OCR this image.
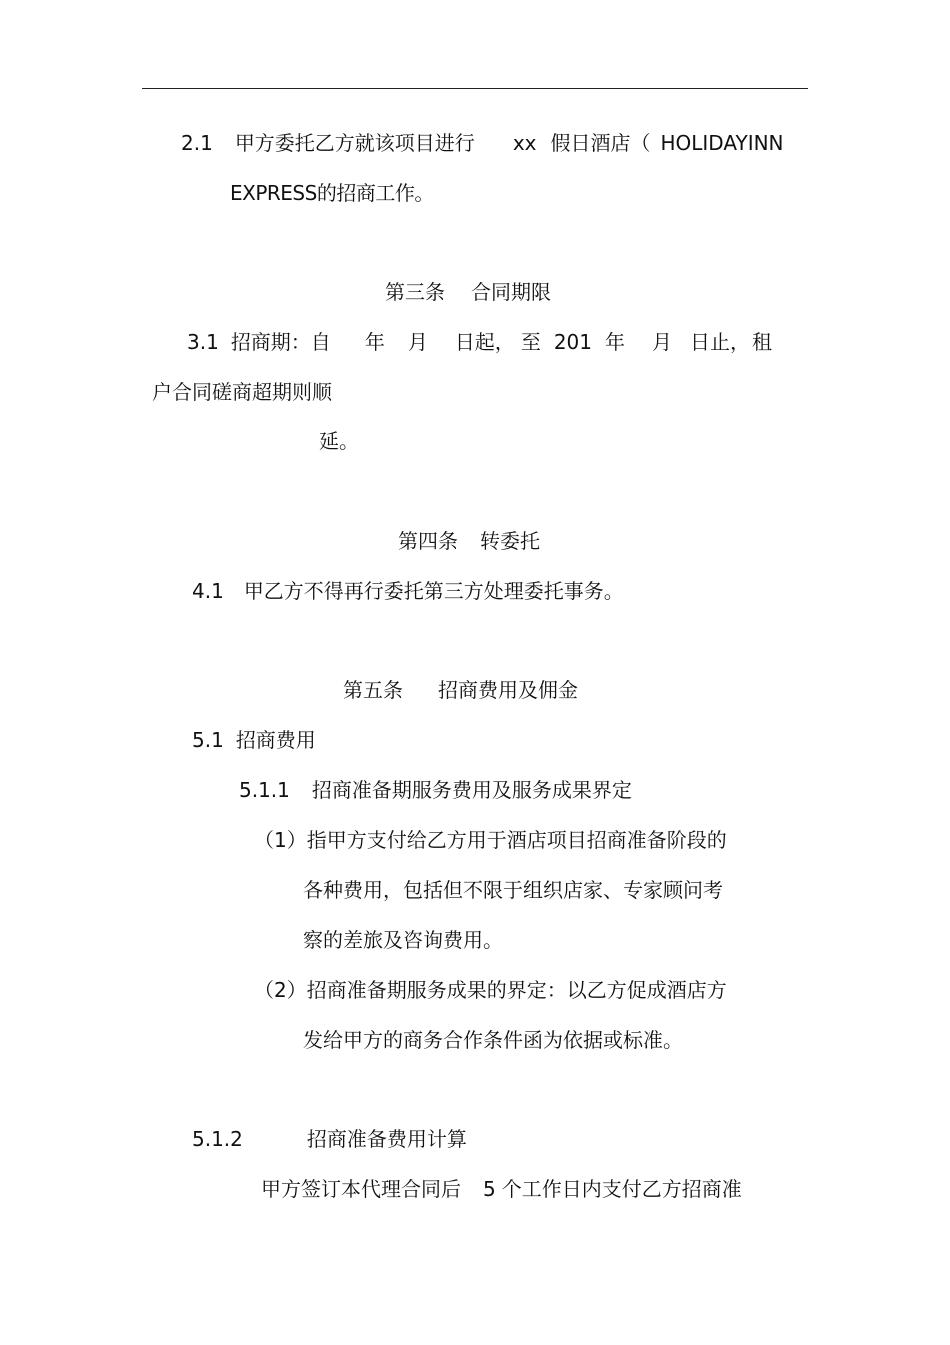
2.1 甲方委托乙方就该项目进行 xx 假日酒店（ HOLIDAYINN
EXPRESS的招商工作。
第三条 合同期限
3.1 招商期：自 年 月 日起， 至 201 年 月 日止， 租
户合同磋商超期则顺
延。
第四条 转委托
4.1 甲乙方不得再行委托第三方处理委托事务。
第五条 招商费用及佣金
5.1 招商费用
5.1.1 招商准备期服务费用及服务成果界定
（1）指甲方支付给乙方用于酒店项目招商准备阶段的
各种费用，包括但不限于组织店家、专家顾问考
察的差旅及咨询费用。
（2）招商准备期服务成果的界定：以乙方促成酒店方
发给甲方的商务合作条件函为依据或标准。
5.1.2	招商准备费用计算
甲方签订本代理合同后 5 个工作日内支付乙方招商准
